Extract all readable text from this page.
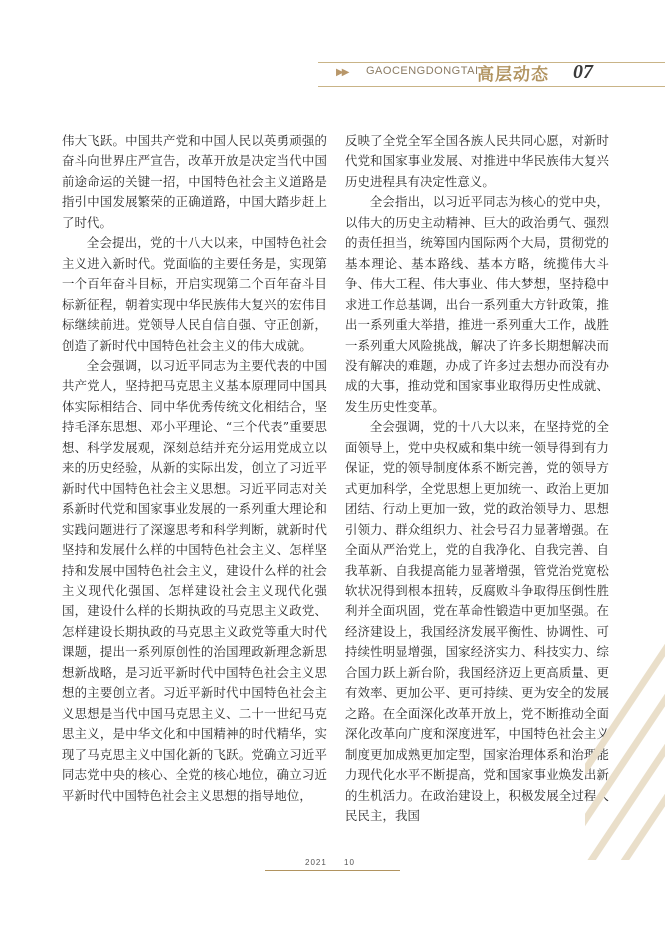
▶▶ GAOCENGDONGTAI
高层动态 07

伟大飞跃。中国共产党和中国人民以英勇顽强的奋斗向世界庄严宣告，改革开放是决定当代中国前途命运的关键一招，中国特色社会主义道路是指引中国发展繁荣的正确道路，中国大踏步赶上了时代。

全会提出，党的十八大以来，中国特色社会主义进入新时代。党面临的主要任务是，实现第一个百年奋斗目标，开启实现第二个百年奋斗目标新征程，朝着实现中华民族伟大复兴的宏伟目标继续前进。党领导人民自信自强、守正创新，创造了新时代中国特色社会主义的伟大成就。

全会强调，以习近平同志为主要代表的中国共产党人，坚持把马克思主义基本原理同中国具体实际相结合、同中华优秀传统文化相结合，坚持毛泽东思想、邓小平理论、“三个代表”重要思想、科学发展观，深刻总结并充分运用党成立以来的历史经验，从新的实际出发，创立了习近平新时代中国特色社会主义思想。习近平同志对关系新时代党和国家事业发展的一系列重大理论和实践问题进行了深邃思考和科学判断，就新时代坚持和发展什么样的中国特色社会主义、怎样坚持和发展中国特色社会主义，建设什么样的社会主义现代化强国、怎样建设社会主义现代化强国，建设什么样的长期执政的马克思主义政党、怎样建设长期执政的马克思主义政党等重大时代课题，提出一系列原创性的治国理政新理念新思想新战略，是习近平新时代中国特色社会主义思想的主要创立者。习近平新时代中国特色社会主义思想是当代中国马克思主义、二十一世纪马克思主义，是中华文化和中国精神的时代精华，实现了马克思主义中国化新的飞跃。党确立习近平同志党中央的核心、全党的核心地位，确立习近平新时代中国特色社会主义思想的指导地位，

反映了全党全军全国各族人民共同心愿，对新时代党和国家事业发展、对推进中华民族伟大复兴历史进程具有决定性意义。

全会指出，以习近平同志为核心的党中央，以伟大的历史主动精神、巨大的政治勇气、强烈的责任担当，统筹国内国际两个大局，贯彻党的基本理论、基本路线、基本方略，统揽伟大斗争、伟大工程、伟大事业、伟大梦想，坚持稳中求进工作总基调，出台一系列重大方针政策，推出一系列重大举措，推进一系列重大工作，战胜一系列重大风险挑战，解决了许多长期想解决而没有解决的难题，办成了许多过去想办而没有办成的大事，推动党和国家事业取得历史性成就、发生历史性变革。

全会强调，党的十八大以来，在坚持党的全面领导上，党中央权威和集中统一领导得到有力保证，党的领导制度体系不断完善，党的领导方式更加科学，全党思想上更加统一、政治上更加团结、行动上更加一致，党的政治领导力、思想引领力、群众组织力、社会号召力显著增强。在全面从严治党上，党的自我净化、自我完善、自我革新、自我提高能力显著增强，管党治党宽松软状况得到根本扭转，反腐败斗争取得压倒性胜利并全面巩固，党在革命性锻造中更加坚强。在经济建设上，我国经济发展平衡性、协调性、可持续性明显增强，国家经济实力、科技实力、综合国力跃上新台阶，我国经济迈上更高质量、更有效率、更加公平、更可持续、更为安全的发展之路。在全面深化改革开放上，党不断推动全面深化改革向广度和深度进军，中国特色社会主义制度更加成熟更加定型，国家治理体系和治理能力现代化水平不断提高，党和国家事业焕发出新的生机活力。在政治建设上，积极发展全过程人民民主，我国

2021 10
